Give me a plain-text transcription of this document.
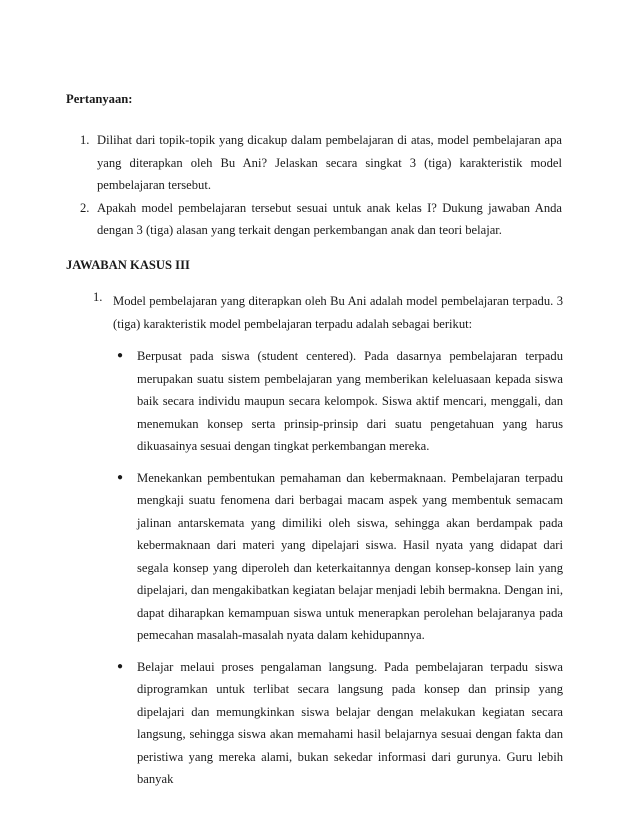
Pertanyaan:

1. Dilihat dari topik-topik yang dicakup dalam pembelajaran di atas, model pembelajaran apa yang diterapkan oleh Bu Ani? Jelaskan secara singkat 3 (tiga) karakteristik model pembelajaran tersebut.
2. Apakah model pembelajaran tersebut sesuai untuk anak kelas I? Dukung jawaban Anda dengan 3 (tiga) alasan yang terkait dengan perkembangan anak dan teori belajar.

JAWABAN KASUS III

1. Model pembelajaran yang diterapkan oleh Bu Ani adalah model pembelajaran terpadu. 3 (tiga) karakteristik model pembelajaran terpadu adalah sebagai berikut:
● Berpusat pada siswa (student centered). Pada dasarnya pembelajaran terpadu merupakan suatu sistem pembelajaran yang memberikan keleluasaan kepada siswa baik secara individu maupun secara kelompok. Siswa aktif mencari, menggali, dan menemukan konsep serta prinsip-prinsip dari suatu pengetahuan yang harus dikuasainya sesuai dengan tingkat perkembangan mereka.
● Menekankan pembentukan pemahaman dan kebermaknaan. Pembelajaran terpadu mengkaji suatu fenomena dari berbagai macam aspek yang membentuk semacam jalinan antarskemata yang dimiliki oleh siswa, sehingga akan berdampak pada kebermaknaan dari materi yang dipelajari siswa. Hasil nyata yang didapat dari segala konsep yang diperoleh dan keterkaitannya dengan konsep-konsep lain yang dipelajari, dan mengakibatkan kegiatan belajar menjadi lebih bermakna. Dengan ini, dapat diharapkan kemampuan siswa untuk menerapkan perolehan belajaranya pada pemecahan masalah-masalah nyata dalam kehidupannya.
● Belajar melaui proses pengalaman langsung. Pada pembelajaran terpadu siswa diprogramkan untuk terlibat secara langsung pada konsep dan prinsip yang dipelajari dan memungkinkan siswa belajar dengan melakukan kegiatan secara langsung, sehingga siswa akan memahami hasil belajarnya sesuai dengan fakta dan peristiwa yang mereka alami, bukan sekedar informasi dari gurunya. Guru lebih banyak
